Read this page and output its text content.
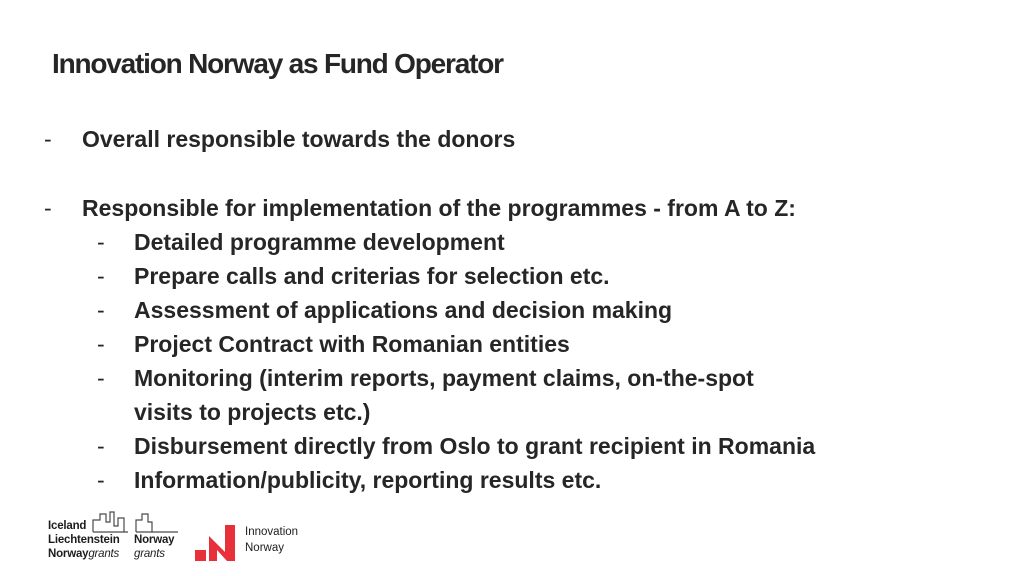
Innovation Norway as Fund Operator
- Overall responsible towards the donors
- Responsible for implementation of the programmes - from A to Z:
- Detailed programme development
- Prepare calls and criterias for selection etc.
- Assessment of applications and decision making
- Project Contract with Romanian entities
- Monitoring (interim reports, payment claims, on-the-spot
visits to projects etc.)
- Disbursement directly from Oslo to grant recipient in Romania
- Information/publicity, reporting results etc.
Iceland
Liechtenstein
Norwaygrants
Norway
grants
Innovation
Norway
